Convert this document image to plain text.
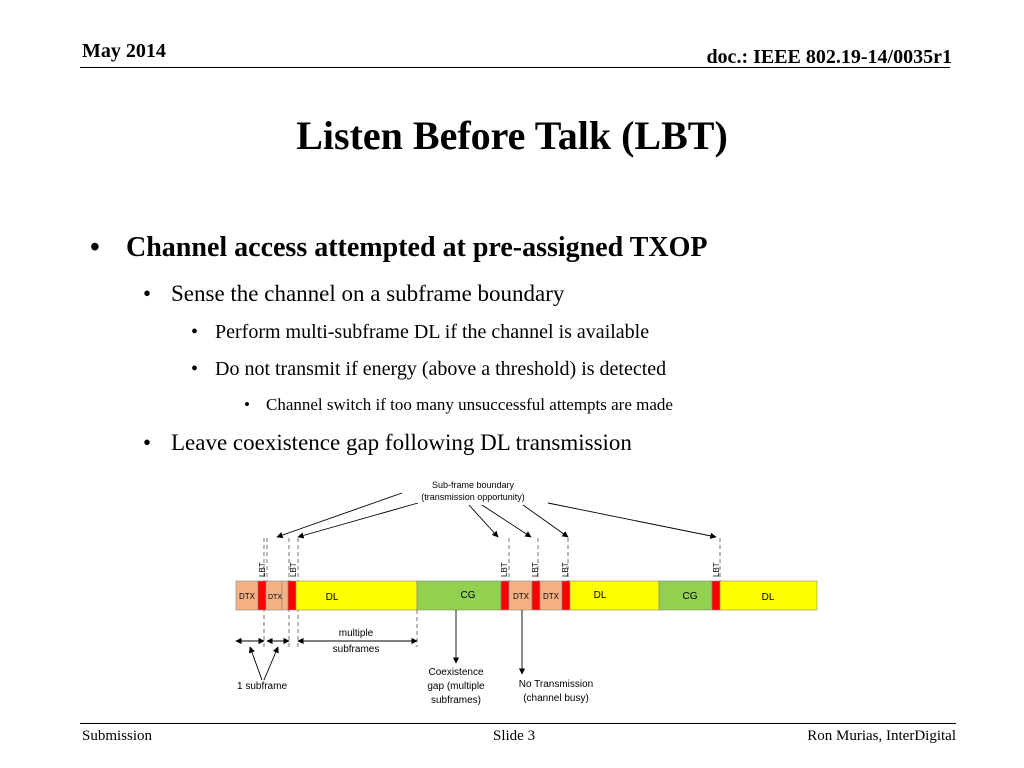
May 2014	doc.: IEEE 802.19-14/0035r1
Listen Before Talk (LBT)
• Channel access attempted at pre-assigned TXOP
• Sense the channel on a subframe boundary
• Perform multi-subframe DL if the channel is available
• Do not transmit if energy (above a threshold) is detected
• Channel switch if too many unsuccessful attempts are made
• Leave coexistence gap following DL transmission
Sub-frame boundary
(transmission opportunity)
LBT	LBT	LBT	LBT	LBT	LBT
DTX DTX	DL	CG	DTX DTX	DL	CG	DL
multiple
subframes
1 subframe
Coexistence
gap (multiple
subframes)
No Transmission
(channel busy)
Submission	Slide 3	Ron Murias, InterDigital
